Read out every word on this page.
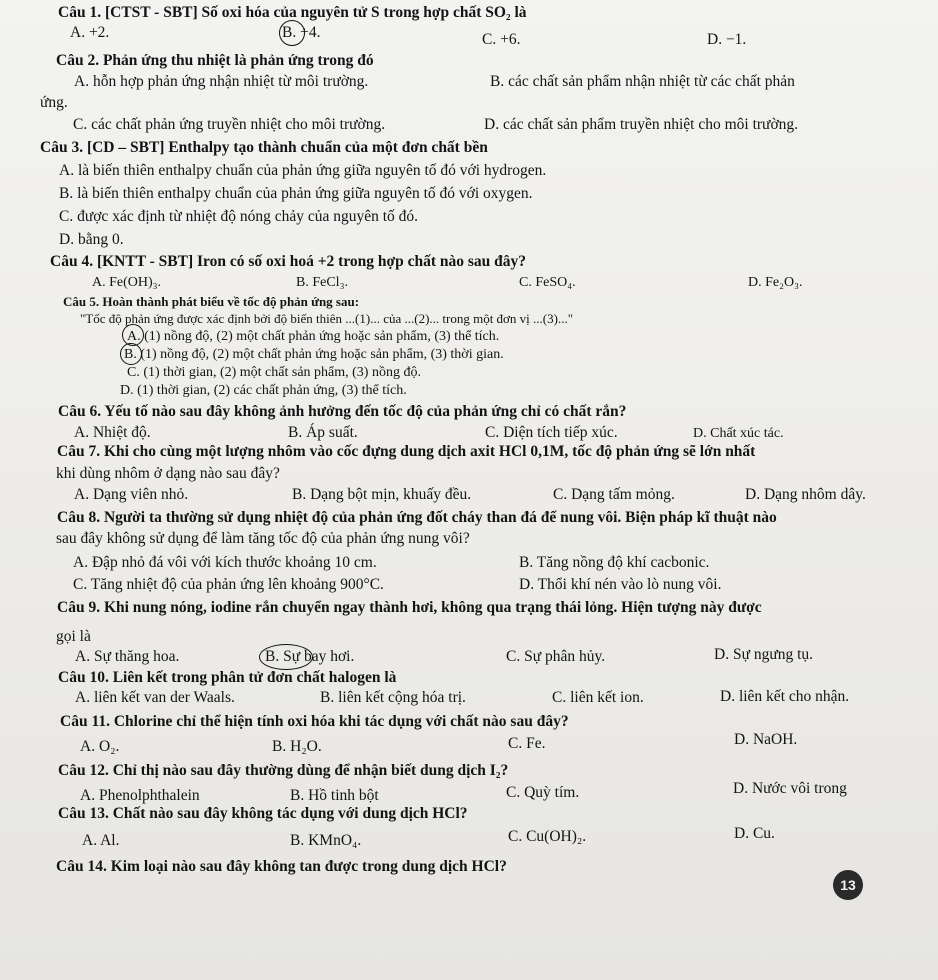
Câu 1. [CTST - SBT] Số oxi hóa của nguyên tử S trong hợp chất SO₂ là
A. +2.	B. +4.	C. +6.	D. −1.
Câu 2. Phản ứng thu nhiệt là phản ứng trong đó
A. hỗn hợp phản ứng nhận nhiệt từ môi trường.	B. các chất sản phẩm nhận nhiệt từ các chất phản
ứng.
C. các chất phản ứng truyền nhiệt cho môi trường.	D. các chất sản phẩm truyền nhiệt cho môi trường.
Câu 3. [CD – SBT] Enthalpy tạo thành chuẩn của một đơn chất bền
A. là biến thiên enthalpy chuẩn của phản ứng giữa nguyên tố đó với hydrogen.
B. là biến thiên enthalpy chuẩn của phản ứng giữa nguyên tố đó với oxygen.
C. được xác định từ nhiệt độ nóng chảy của nguyên tố đó.
D. bằng 0.
Câu 4. [KNTT - SBT] Iron có số oxi hoá +2 trong hợp chất nào sau đây?
A. Fe(OH)₃.	B. FeCl₃.	C. FeSO₄.	D. Fe₂O₃.
Câu 5. Hoàn thành phát biểu về tốc độ phản ứng sau:
"Tốc độ phản ứng được xác định bởi độ biến thiên ...(1)... của ...(2)... trong một đơn vị ...(3)..."
A. (1) nồng độ, (2) một chất phản ứng hoặc sản phẩm, (3) thể tích.
B. (1) nồng độ, (2) một chất phản ứng hoặc sản phẩm, (3) thời gian.
C. (1) thời gian, (2) một chất sản phẩm, (3) nồng độ.
D. (1) thời gian, (2) các chất phản ứng, (3) thể tích.
Câu 6. Yếu tố nào sau đây không ảnh hưởng đến tốc độ của phản ứng chỉ có chất rắn?
A. Nhiệt độ.	B. Áp suất.	C. Diện tích tiếp xúc.	D. Chất xúc tác.
Câu 7. Khi cho cùng một lượng nhôm vào cốc đựng dung dịch axit HCl 0,1M, tốc độ phản ứng sẽ lớn nhất
khi dùng nhôm ở dạng nào sau đây?
A. Dạng viên nhỏ.	B. Dạng bột mịn, khuấy đều.	C. Dạng tấm mỏng.	D. Dạng nhôm dây.
Câu 8. Người ta thường sử dụng nhiệt độ của phản ứng đốt cháy than đá để nung vôi. Biện pháp kĩ thuật nào
sau đây không sử dụng để làm tăng tốc độ của phản ứng nung vôi?
A. Đập nhỏ đá vôi với kích thước khoảng 10 cm.	B. Tăng nồng độ khí cacbonic.
C. Tăng nhiệt độ của phản ứng lên khoảng 900°C.	D. Thổi khí nén vào lò nung vôi.
Câu 9. Khi nung nóng, iodine rắn chuyển ngay thành hơi, không qua trạng thái lỏng. Hiện tượng này được
gọi là
A. Sự thăng hoa.	B. Sự bay hơi.	C. Sự phân hủy.	D. Sự ngưng tụ.
Câu 10. Liên kết trong phân tử đơn chất halogen là
A. liên kết van der Waals.	B. liên kết cộng hóa trị.	C. liên kết ion.	D. liên kết cho nhận.
Câu 11. Chlorine chỉ thể hiện tính oxi hóa khi tác dụng với chất nào sau đây?
A. O₂.	B. H₂O.	C. Fe.	D. NaOH.
Câu 12. Chỉ thị nào sau đây thường dùng để nhận biết dung dịch I₂?
A. Phenolphthalein	B. Hồ tinh bột	C. Quỳ tím.	D. Nước vôi trong
Câu 13. Chất nào sau đây không tác dụng với dung dịch HCl?
A. Al.	B. KMnO₄.	C. Cu(OH)₂.	D. Cu.
Câu 14. Kim loại nào sau đây không tan được trong dung dịch HCl?
13
